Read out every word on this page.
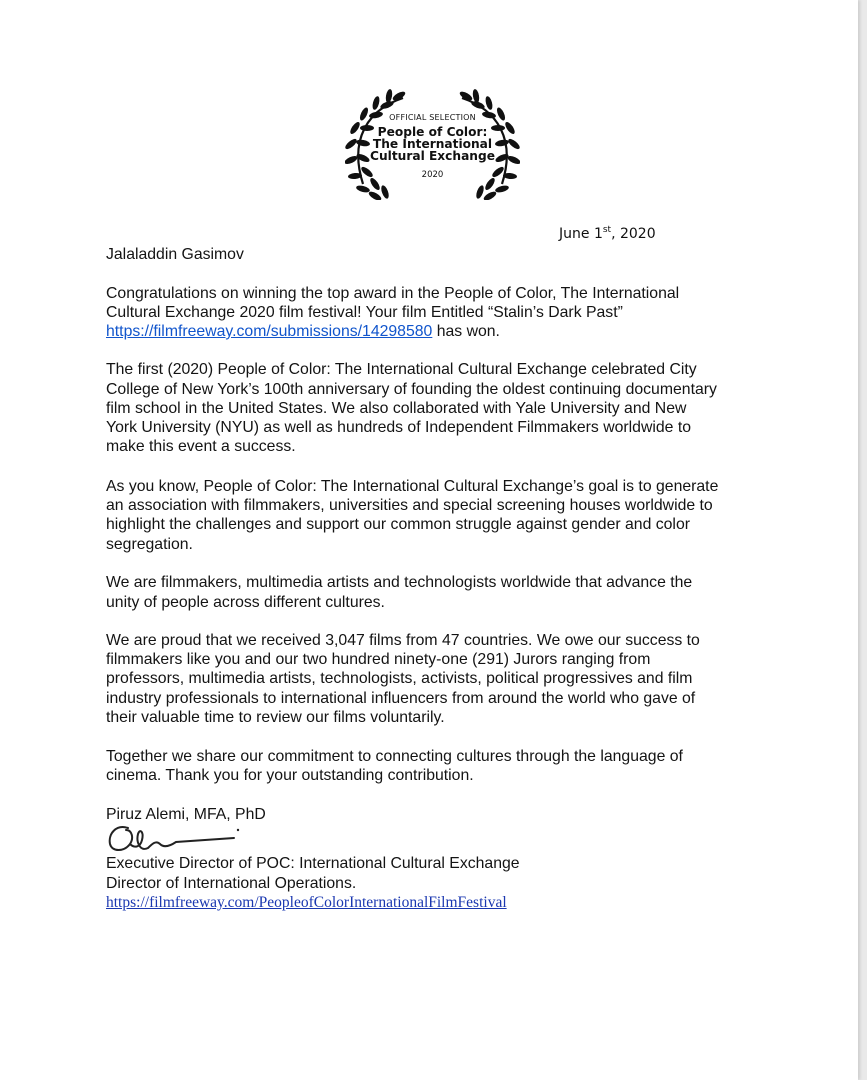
OFFICIAL SELECTION
People of Color:
The International
Cultural Exchange
2020
June 1st, 2020
Jalaladdin Gasimov
Congratulations on winning the top award in the People of Color, The International
Cultural Exchange 2020 film festival! Your film Entitled “Stalin’s Dark Past”
https://filmfreeway.com/submissions/14298580 has won.
The first (2020) People of Color: The International Cultural Exchange celebrated City
College of New York’s 100th anniversary of founding the oldest continuing documentary
film school in the United States. We also collaborated with Yale University and New
York University (NYU) as well as hundreds of Independent Filmmakers worldwide to
make this event a success.
As you know, People of Color: The International Cultural Exchange’s goal is to generate
an association with filmmakers, universities and special screening houses worldwide to
highlight the challenges and support our common struggle against gender and color
segregation.
We are filmmakers, multimedia artists and technologists worldwide that advance the
unity of people across different cultures.
We are proud that we received 3,047 films from 47 countries. We owe our success to
filmmakers like you and our two hundred ninety-one (291) Jurors ranging from
professors, multimedia artists, technologists, activists, political progressives and film
industry professionals to international influencers from around the world who gave of
their valuable time to review our films voluntarily.
Together we share our commitment to connecting cultures through the language of
cinema. Thank you for your outstanding contribution.
Piruz Alemi, MFA, PhD
Executive Director of POC: International Cultural Exchange
Director of International Operations.
https://filmfreeway.com/PeopleofColorInternationalFilmFestival
